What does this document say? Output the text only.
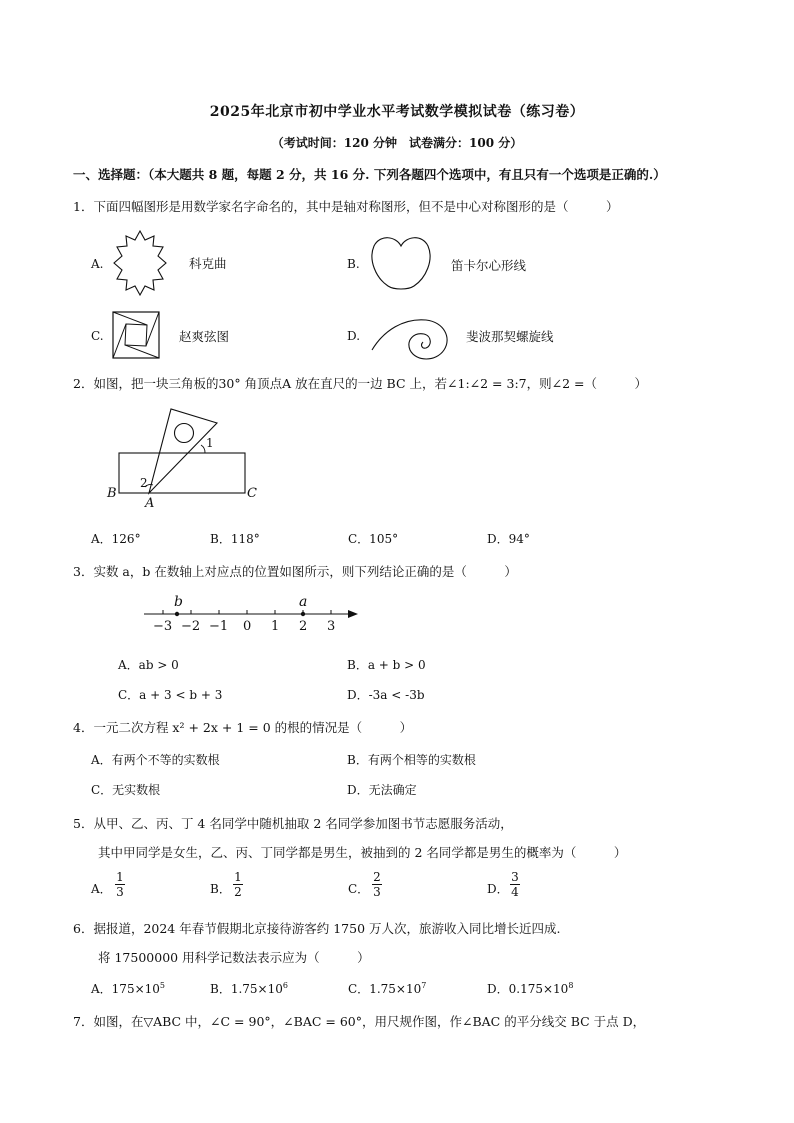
2025年北京市初中学业水平考试数学模拟试卷（练习卷）
（考试时间：120 分钟　试卷满分：100 分）
一、选择题：（本大题共 8 题，每题 2 分，共 16 分. 下列各题四个选项中，有且只有一个选项是正确的.）
1．下面四幅图形是用数学家名字命名的，其中是轴对称图形，但不是中心对称图形的是（　　　）
A.	科克曲	B.	笛卡尔心形线
C.	赵爽弦图	D.	斐波那契螺旋线
2．如图，把一块三角板的30° 角顶点A 放在直尺的一边 BC 上，若∠1:∠2 = 3:7，则∠2 =（　　　）
1
2
B
A
C
A．126°	B．118°	C．105°	D．94°
3．实数 a，b 在数轴上对应点的位置如图所示，则下列结论正确的是（　　　）
b	a
−3 −2 −1 0 1 2 3
A．ab > 0	B．a + b > 0
C．a + 3 < b + 3	D．-3a < -3b
4．一元二次方程 x² + 2x + 1 = 0 的根的情况是（　　　）
A．有两个不等的实数根	B．有两个相等的实数根
C．无实数根	D．无法确定
5．从甲、乙、丙、丁 4 名同学中随机抽取 2 名同学参加图书节志愿服务活动，
其中甲同学是女生，乙、丙、丁同学都是男生，被抽到的 2 名同学都是男生的概率为（　　　）
A． $\frac{1}{3}$	B． $\frac{1}{2}$	C． $\frac{2}{3}$	D． $\frac{3}{4}$
6．据报道，2024 年春节假期北京接待游客约 1750 万人次，旅游收入同比增长近四成.
将 17500000 用科学记数法表示应为（　　　）
A．$175\times 10^5$	B．$1.75\times 10^6$	C．$1.75\times 10^7$	D．$0.175\times 10^8$
7．如图，在▽ABC 中，∠C = 90°，∠BAC = 60°，用尺规作图，作∠BAC 的平分线交 BC 于点 D，
